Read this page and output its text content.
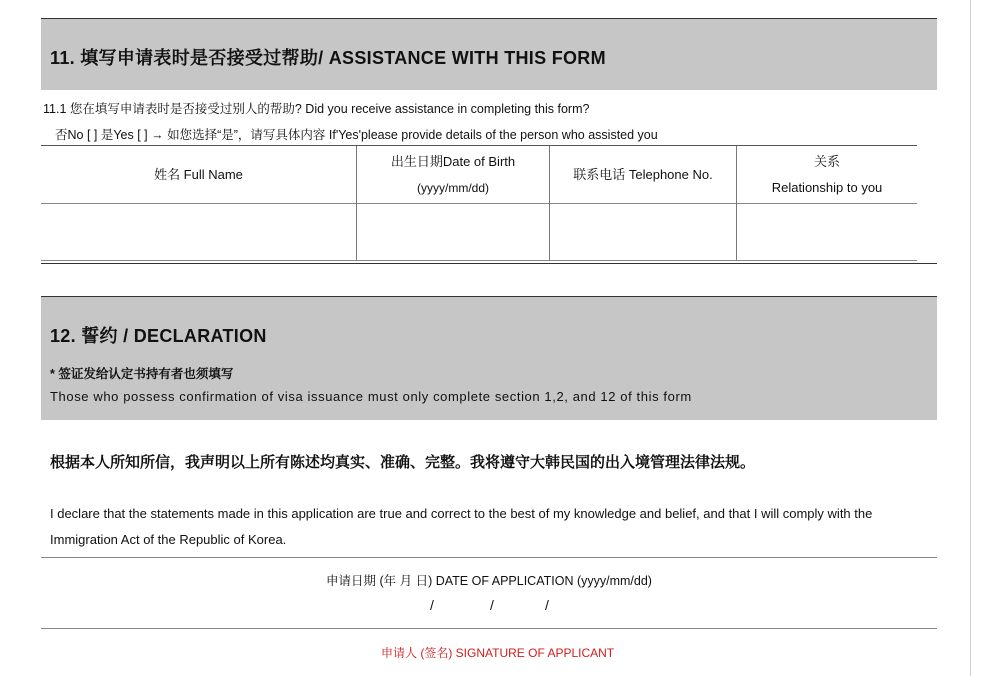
11. 填写申请表时是否接受过帮助/ ASSISTANCE WITH THIS FORM
11.1 您在填写申请表时是否接受过别人的帮助? Did you receive assistance in completing this form?
否No [ ] 是Yes [ ] → 如您选择“是”，请写具体内容 If'Yes'please provide details of the person who assisted you
姓名 Full Name
出生日期Date of Birth
(yyyy/mm/dd)
联系电话 Telephone No.
关系
Relationship to you
12. 誓约 / DECLARATION
* 签证发给认定书持有者也须填写
Those who possess confirmation of visa issuance must only complete section 1,2, and 12 of this form
根据本人所知所信，我声明以上所有陈述均真实、准确、完整。我将遵守大韩民国的出入境管理法律法规。
I declare that the statements made in this application are true and correct to the best of my knowledge and belief, and that I will comply with the
Immigration Act of the Republic of Korea.
申请日期 (年 月 日) DATE OF APPLICATION (yyyy/mm/dd)
/	/	/
申请人 (签名) SIGNATURE OF APPLICANT
